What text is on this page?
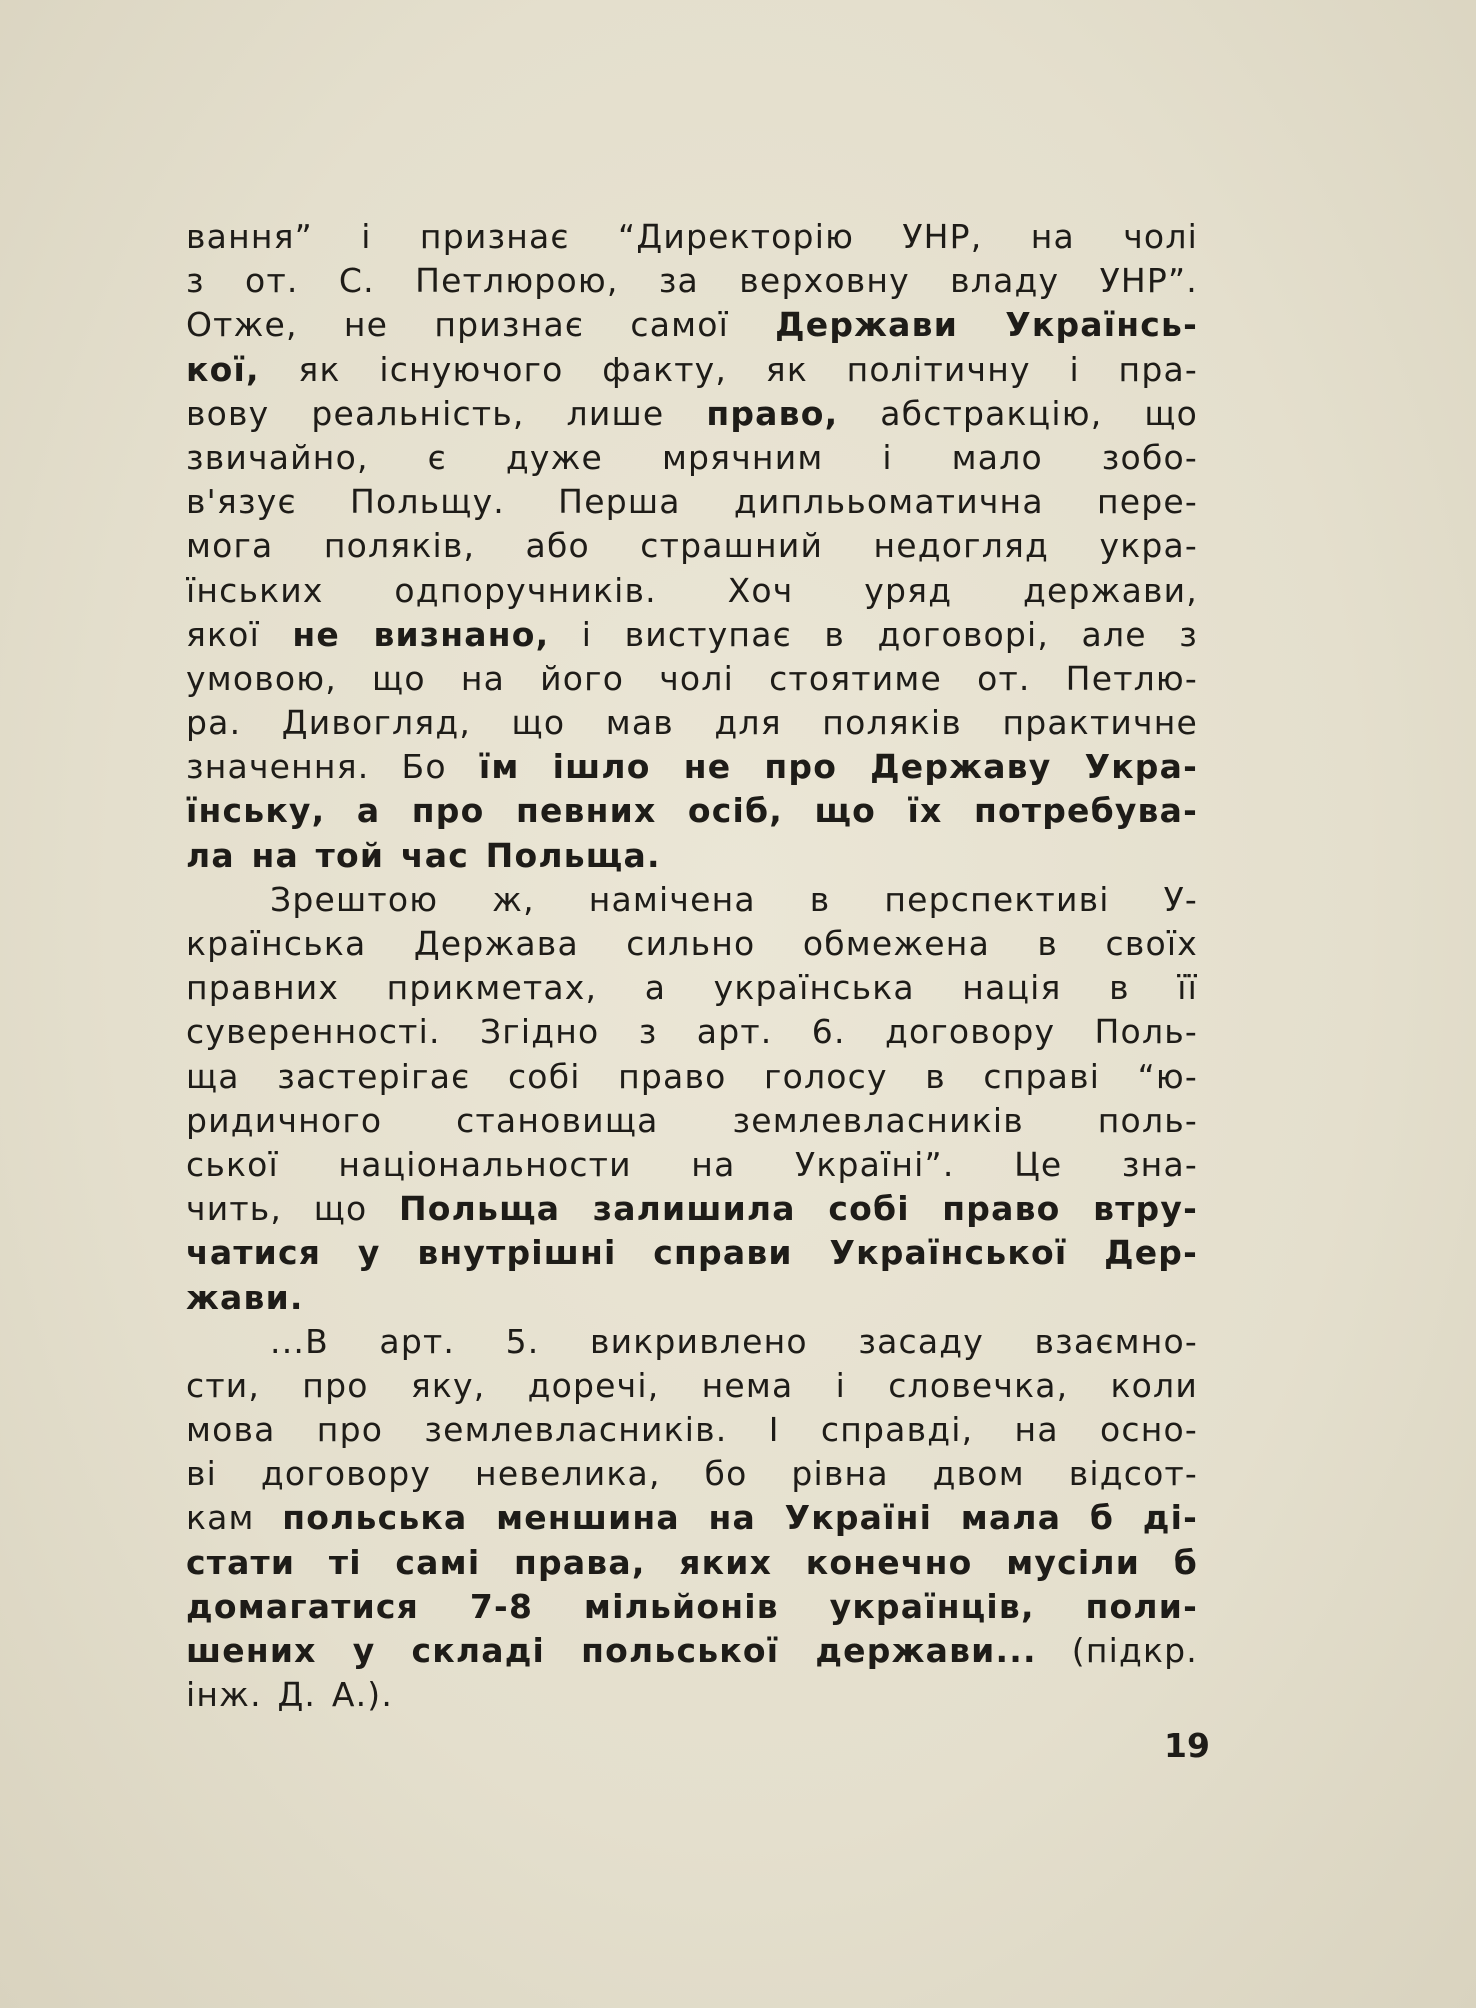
вання” і признає “Директорію УНР, на чолі
з от. С. Петлюрою, за верховну владу УНР”.
Отже, не признає самої Держави Українсь-
кої, як існуючого факту, як політичну і пра-
вову реальність, лише право, абстракцію, що
звичайно, є дуже мрячним і мало зобо-
в'язує Польщу. Перша диплььоматична пере-
мога поляків, або страшний недогляд укра-
їнських одпоручників. Хоч уряд держави,
якої не визнано, і виступає в договорі, але з
умовою, що на його чолі стоятиме от. Петлю-
ра. Дивогляд, що мав для поляків практичне
значення. Бо їм ішло не про Державу Укра-
їнську, а про певних осіб, що їх потребува-
ла на той час Польща.
Зрештою ж, намічена в перспективі У-
країнська Держава сильно обмежена в своїх
правних прикметах, а українська нація в її
суверенності. Згідно з арт. 6. договору Поль-
ща застерігає собі право голосу в справі “ю-
ридичного становища землевласників поль-
ської національности на Україні”. Це зна-
чить, що Польща залишила собі право втру-
чатися у внутрішні справи Української Дер-
жави.
...В арт. 5. викривлено засаду взаємно-
сти, про яку, доречі, нема і словечка, коли
мова про землевласників. І справді, на осно-
ві договору невелика, бо рівна двом відсот-
кам польська меншина на Україні мала б ді-
стати ті самі права, яких конечно мусіли б
домагатися 7-8 мільйонів українців, поли-
шених у складі польської держави... (підкр.
інж. Д. А.).
19
